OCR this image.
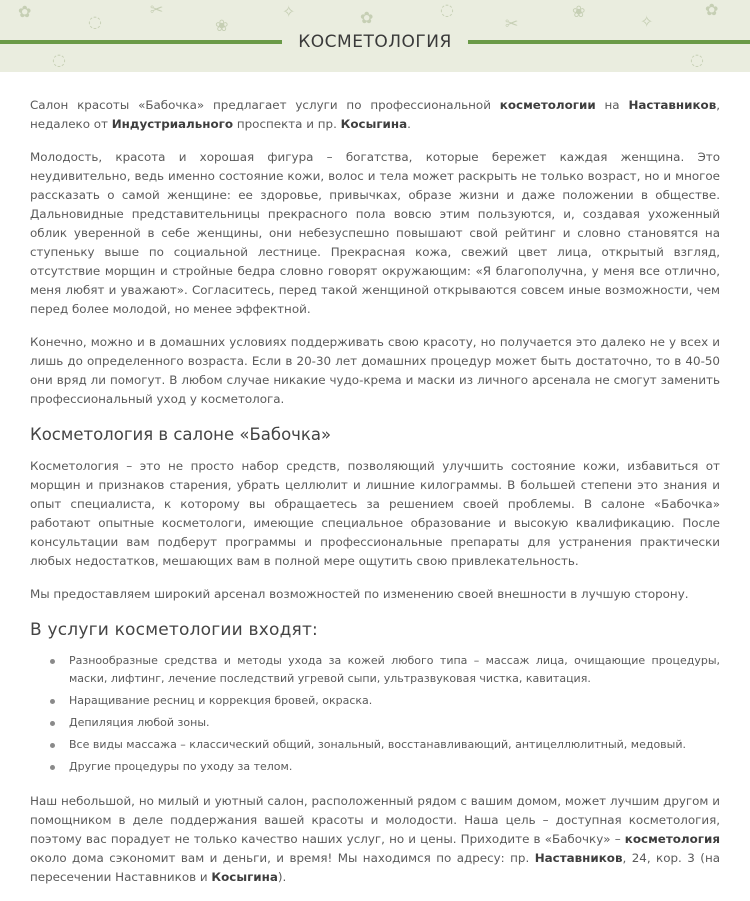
✿
◌
✂
❀
✧	✿	◌
✂
❀
✧
✿
◌	◌
КОСМЕТОЛОГИЯ

Салон красоты «Бабочка» предлагает услуги по профессиональной косметологии на Наставников, недалеко от Индустриального проспекта и пр. Косыгина.

Молодость, красота и хорошая фигура – богатства, которые бережет каждая женщина. Это неудивительно, ведь именно состояние кожи, волос и тела может раскрыть не только возраст, но и многое рассказать о самой женщине: ее здоровье, привычках, образе жизни и даже положении в обществе. Дальновидные представительницы прекрасного пола вовсю этим пользуются, и, создавая ухоженный облик уверенной в себе женщины, они небезуспешно повышают свой рейтинг и словно становятся на ступеньку выше по социальной лестнице. Прекрасная кожа, свежий цвет лица, открытый взгляд, отсутствие морщин и стройные бедра словно говорят окружающим: «Я благополучна, у меня все отлично, меня любят и уважают». Согласитесь, перед такой женщиной открываются совсем иные возможности, чем перед более молодой, но менее эффектной.

Конечно, можно и в домашних условиях поддерживать свою красоту, но получается это далеко не у всех и лишь до определенного возраста. Если в 20-30 лет домашних процедур может быть достаточно, то в 40-50 они вряд ли помогут. В любом случае никакие чудо-крема и маски из личного арсенала не смогут заменить профессиональный уход у косметолога.

Косметология в салоне «Бабочка»

Косметология – это не просто набор средств, позволяющий улучшить состояние кожи, избавиться от морщин и признаков старения, убрать целлюлит и лишние килограммы. В большей степени это знания и опыт специалиста, к которому вы обращаетесь за решением своей проблемы. В салоне «Бабочка» работают опытные косметологи, имеющие специальное образование и высокую квалификацию. После консультации вам подберут программы и профессиональные препараты для устранения практически любых недостатков, мешающих вам в полной мере ощутить свою привлекательность.

Мы предоставляем широкий арсенал возможностей по изменению своей внешности в лучшую сторону.

В услуги косметологии входят:
Разнообразные средства и методы ухода за кожей любого типа – массаж лица, очищающие процедуры, маски, лифтинг, лечение последствий угревой сыпи, ультразвуковая чистка, кавитация.
Наращивание ресниц и коррекция бровей, окраска.
Депиляция любой зоны.
Все виды массажа – классический общий, зональный, восстанавливающий, антицеллюлитный, медовый.
Другие процедуры по уходу за телом.

Наш небольшой, но милый и уютный салон, расположенный рядом с вашим домом, может лучшим другом и помощником в деле поддержания вашей красоты и молодости. Наша цель – доступная косметология, поэтому вас порадует не только качество наших услуг, но и цены. Приходите в «Бабочку» – косметология около дома сэкономит вам и деньги, и время! Мы находимся по адресу: пр. Наставников, 24, кор. 3 (на пересечении Наставников и Косыгина).
